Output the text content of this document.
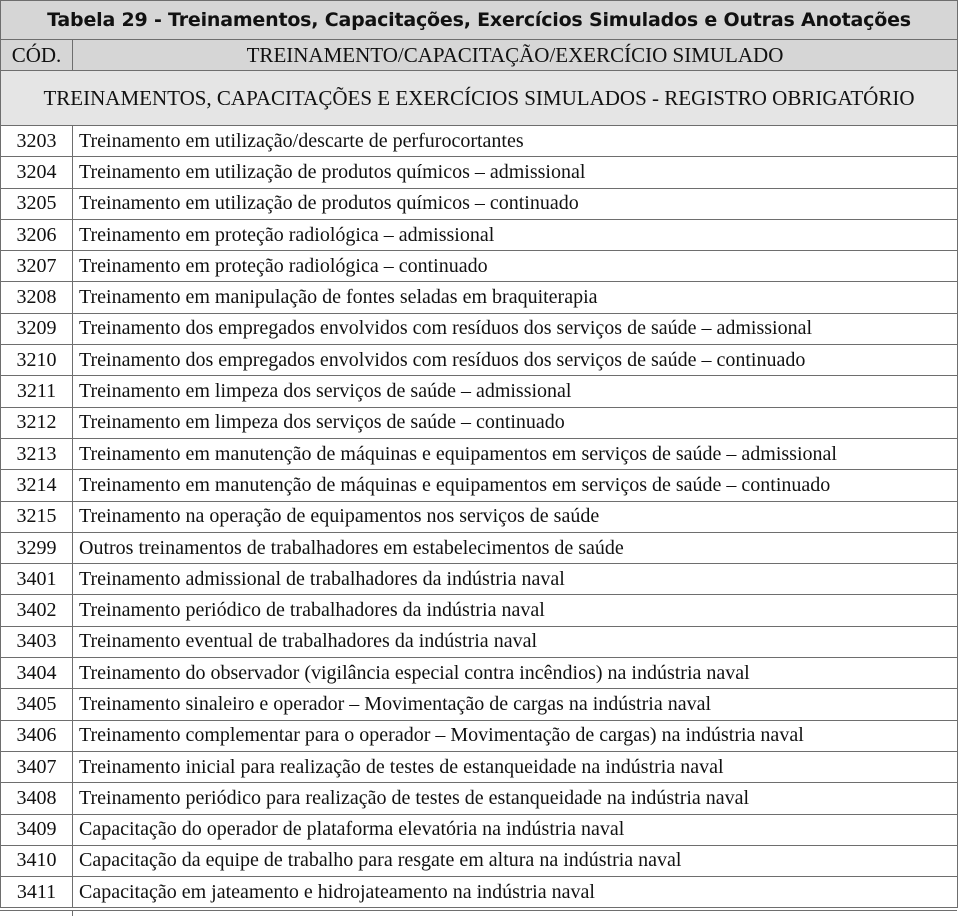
Tabela 29 - Treinamentos, Capacitações, Exercícios Simulados e Outras Anotações	
CÓD.	TREINAMENTO/CAPACITAÇÃO/EXERCÍCIO SIMULADO
TREINAMENTOS, CAPACITAÇÕES E EXERCÍCIOS SIMULADOS - REGISTRO OBRIGATÓRIO	
3203	Treinamento em utilização/descarte de perfurocortantes
3204	Treinamento em utilização de produtos químicos – admissional
3205	Treinamento em utilização de produtos químicos – continuado
3206	Treinamento em proteção radiológica – admissional
3207	Treinamento em proteção radiológica – continuado
3208	Treinamento em manipulação de fontes seladas em braquiterapia
3209	Treinamento dos empregados envolvidos com resíduos dos serviços de saúde – admissional
3210	Treinamento dos empregados envolvidos com resíduos dos serviços de saúde – continuado
3211	Treinamento em limpeza dos serviços de saúde – admissional
3212	Treinamento em limpeza dos serviços de saúde – continuado
3213	Treinamento em manutenção de máquinas e equipamentos em serviços de saúde – admissional
3214	Treinamento em manutenção de máquinas e equipamentos em serviços de saúde – continuado
3215	Treinamento na operação de equipamentos nos serviços de saúde
3299	Outros treinamentos de trabalhadores em estabelecimentos de saúde
3401	Treinamento admissional de trabalhadores da indústria naval
3402	Treinamento periódico de trabalhadores da indústria naval
3403	Treinamento eventual de trabalhadores da indústria naval
3404	Treinamento do observador (vigilância especial contra incêndios) na indústria naval
3405	Treinamento sinaleiro e operador – Movimentação de cargas na indústria naval
3406	Treinamento complementar para o operador – Movimentação de cargas) na indústria naval
3407	Treinamento inicial para realização de testes de estanqueidade na indústria naval
3408	Treinamento periódico para realização de testes de estanqueidade na indústria naval
3409	Capacitação do operador de plataforma elevatória na indústria naval
3410	Capacitação da equipe de trabalho para resgate em altura na indústria naval
3411	Capacitação em jateamento e hidrojateamento na indústria naval
